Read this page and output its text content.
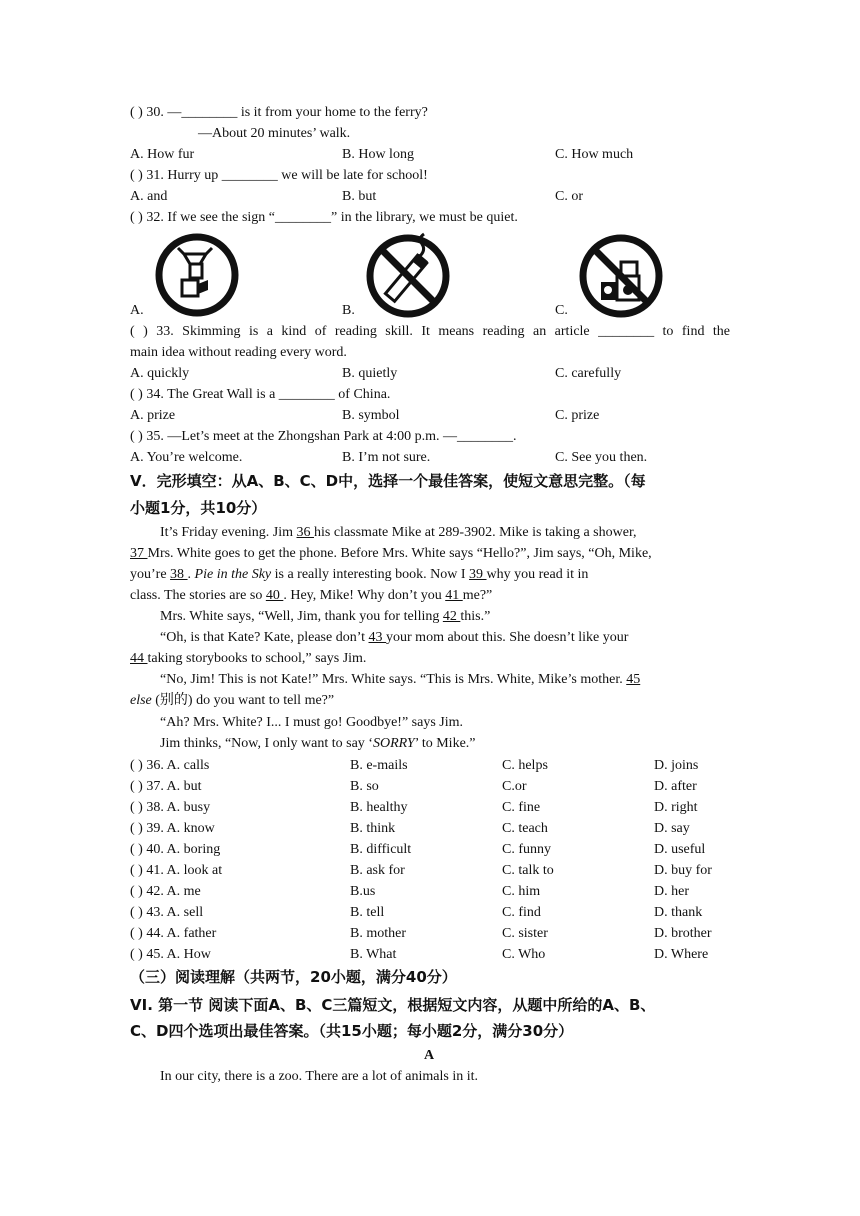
( ) 30. —________ is it from your home to the ferry?
—About 20 minutes’ walk.
A. How fur	B. How long	C. How much
( ) 31. Hurry up ________ we will be late for school!
A. and	B. but	C. or
( ) 32. If we see the sign “________” in the library, we must be quiet.
A.	B.	C.
( ) 33. Skimming is a kind of reading skill. It means reading an article ________ to find the
main idea without reading every word.
A. quickly	B. quietly	C. carefully
( ) 34. The Great Wall is a ________ of China.
A. prize	B. symbol	C. prize
( ) 35. —Let’s meet at the Zhongshan Park at 4:00 p.m. —________.
A. You’re welcome.	B. I’m not sure.	C. See you then.
V．完形填空：从A、B、C、D中，选择一个最佳答案，使短文意思完整。（每
小题1分，共10分）
It’s Friday evening. Jim 36 his classmate Mike at 289-3902. Mike is taking a shower,
37 Mrs. White goes to get the phone. Before Mrs. White says “Hello?”, Jim says, “Oh, Mike,
you’re 38 . Pie in the Sky is a really interesting book. Now I 39 why you read it in
class. The stories are so 40 . Hey, Mike! Why don’t you 41 me?”
Mrs. White says, “Well, Jim, thank you for telling 42 this.”
“Oh, is that Kate? Kate, please don’t 43 your mom about this. She doesn’t like your
44 taking storybooks to school,” says Jim.
“No, Jim! This is not Kate!” Mrs. White says. “This is Mrs. White, Mike’s mother. 45
else (别的) do you want to tell me?”
“Ah? Mrs. White? I... I must go! Goodbye!” says Jim.
Jim thinks, “Now, I only want to say ‘SORRY’ to Mike.”
( ) 36. A. calls	B. e-mails	C. helps	D. joins
( ) 37. A. but	B. so	C.or	D. after
( ) 38. A. busy	B. healthy	C. fine	D. right
( ) 39. A. know	B. think	C. teach	D. say
( ) 40. A. boring	B. difficult	C. funny	D. useful
( ) 41. A. look at	B. ask for	C. talk to	D. buy for
( ) 42. A. me	B.us	C. him	D. her
( ) 43. A. sell	B. tell	C. find	D. thank
( ) 44. A. father	B. mother	C. sister	D. brother
( ) 45. A. How	B. What	C. Who	D. Where
（三）阅读理解（共两节，20小题，满分40分）
VI. 第一节 阅读下面A、B、C三篇短文，根据短文内容，从题中所给的A、B、
C、D四个选项出最佳答案。（共15小题；每小题2分，满分30分）
A
In our city, there is a zoo. There are a lot of animals in it.
